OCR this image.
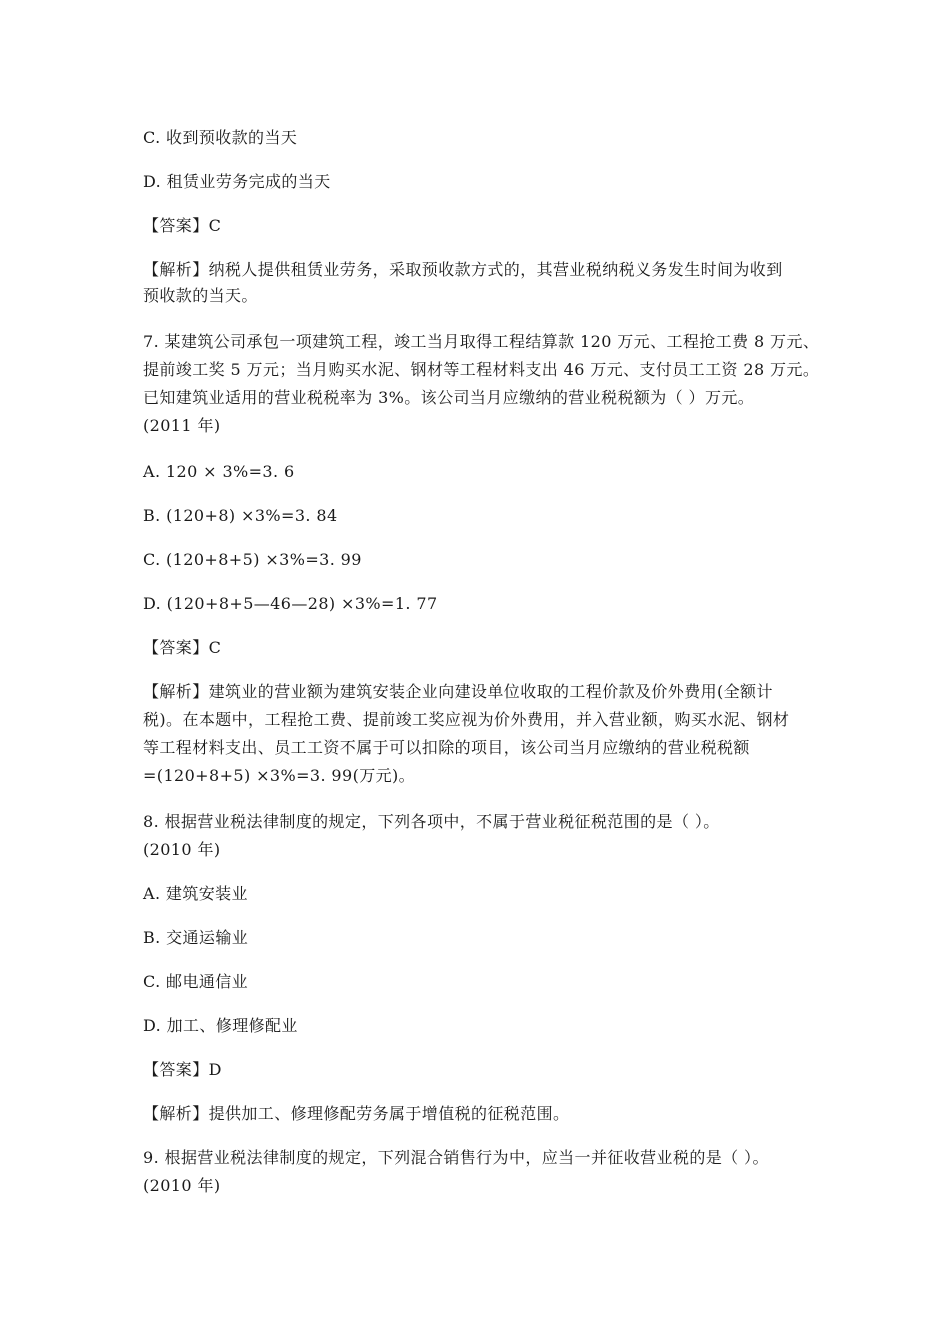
C. 收到预收款的当天

D. 租赁业劳务完成的当天

【答案】C

【解析】纳税人提供租赁业劳务，采取预收款方式的，其营业税纳税义务发生时间为收到

预收款的当天。

7. 某建筑公司承包一项建筑工程，竣工当月取得工程结算款 120 万元、工程抢工费 8 万元、

提前竣工奖 5 万元；当月购买水泥、钢材等工程材料支出 46 万元、支付员工工资 28 万元。

已知建筑业适用的营业税税率为 3%。该公司当月应缴纳的营业税税额为（ ）万元。

(2011 年)

A. 120 × 3%=3. 6

B. (120+8) ×3%=3. 84

C. (120+8+5) ×3%=3. 99

D. (120+8+5—46—28) ×3%=1. 77

【答案】C

【解析】建筑业的营业额为建筑安装企业向建设单位收取的工程价款及价外费用(全额计

税)。在本题中，工程抢工费、提前竣工奖应视为价外费用，并入营业额，购买水泥、钢材

等工程材料支出、员工工资不属于可以扣除的项目，该公司当月应缴纳的营业税税额

=(120+8+5) ×3%=3. 99(万元)。

8. 根据营业税法律制度的规定，下列各项中，不属于营业税征税范围的是（ ）。

(2010 年)

A. 建筑安装业

B. 交通运输业

C. 邮电通信业

D. 加工、修理修配业

【答案】D

【解析】提供加工、修理修配劳务属于增值税的征税范围。

9. 根据营业税法律制度的规定，下列混合销售行为中，应当一并征收营业税的是（ ）。

(2010 年)
